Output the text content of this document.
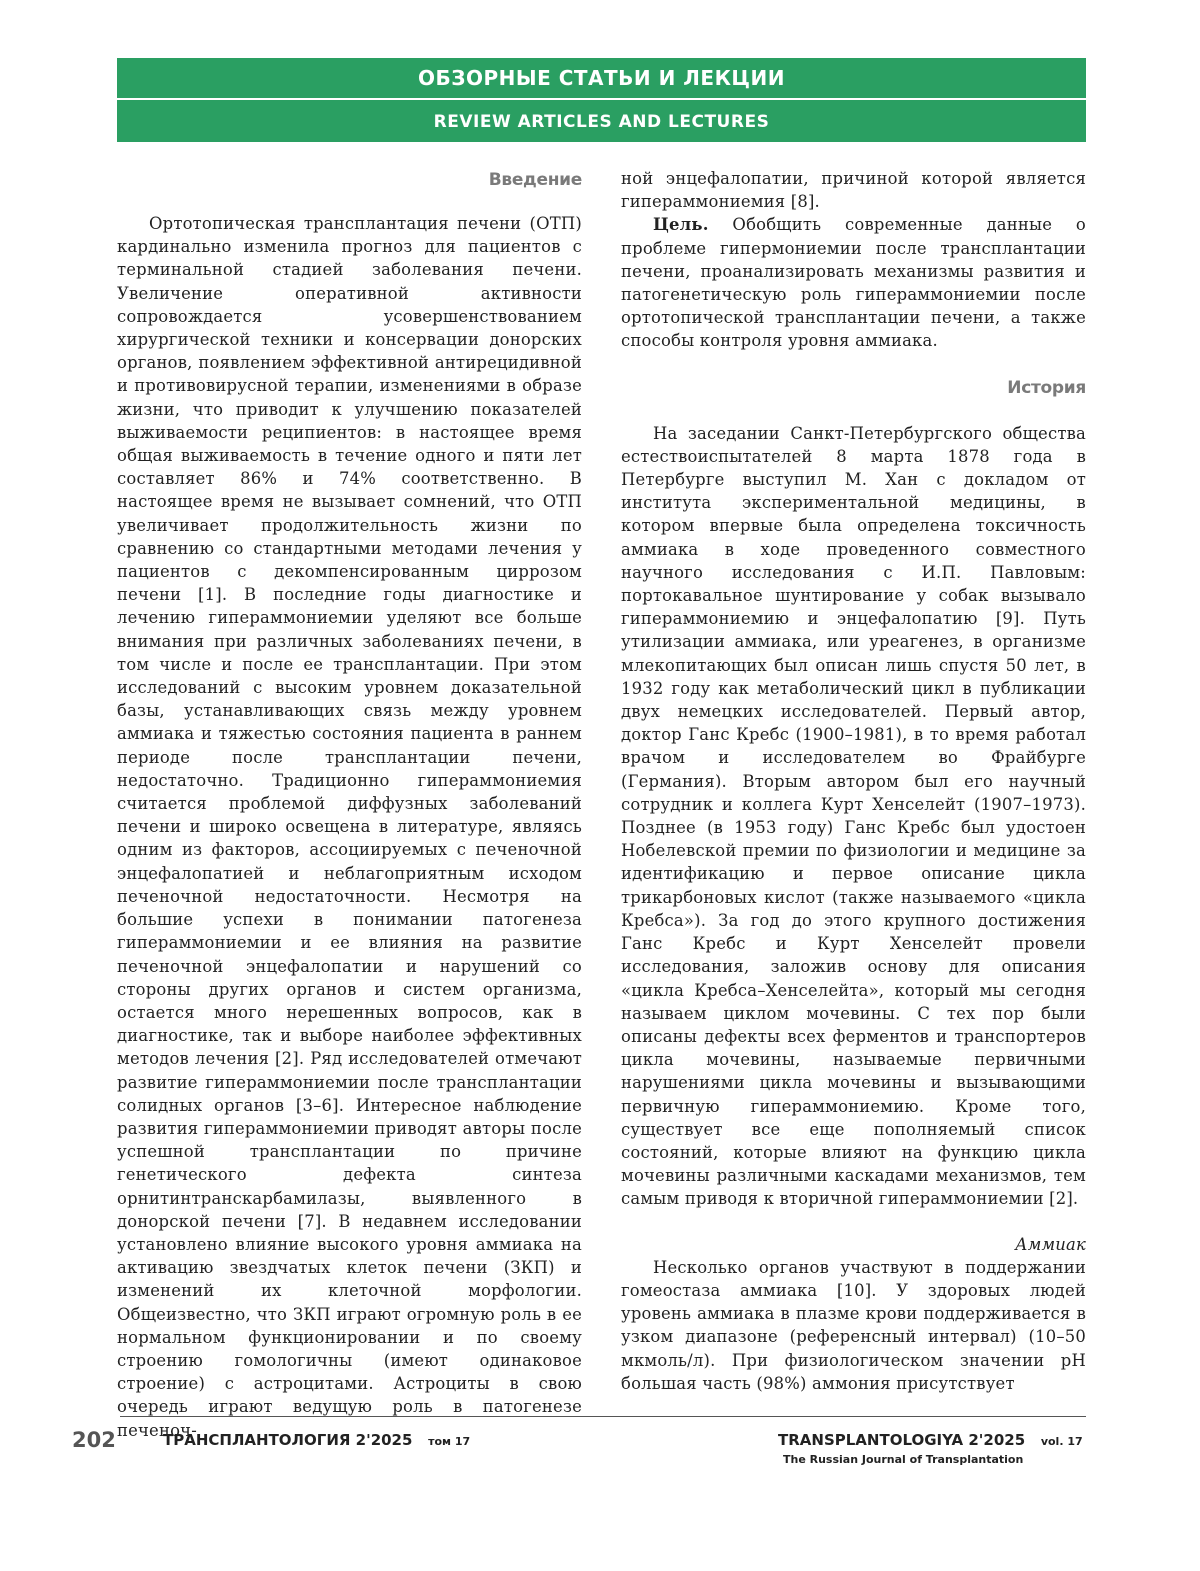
ОБЗОРНЫЕ СТАТЬИ И ЛЕКЦИИ
REVIEW ARTICLES AND LECTURES
Введение

Ортотопическая трансплантация печени (ОТП) кардинально изменила прогноз для пациентов с терминальной стадией заболевания печени. Увеличение оперативной активности сопровождается усовершенствованием хирургической техники и консервации донорских органов, появлением эффективной антирецидивной и противовирусной терапии, изменениями в образе жизни, что приводит к улучшению показателей выживаемости реципиентов: в настоящее время общая выживаемость в течение одного и пяти лет составляет 86% и 74% соответственно. В настоящее время не вызывает сомнений, что ОТП увеличивает продолжительность жизни по сравнению со стандартными методами лечения у пациентов с декомпенсированным циррозом печени [1]. В последние годы диагностике и лечению гипераммониемии уделяют все больше внимания при различных заболеваниях печени, в том числе и после ее трансплантации. При этом исследований с высоким уровнем доказательной базы, устанавливающих связь между уровнем аммиака и тяжестью состояния пациента в раннем периоде после трансплантации печени, недостаточно. Традиционно гипераммониемия считается проблемой диффузных заболеваний печени и широко освещена в литературе, являясь одним из факторов, ассоциируемых с печеночной энцефалопатией и неблагоприятным исходом печеночной недостаточности. Несмотря на большие успехи в понимании патогенеза гипераммониемии и ее влияния на развитие печеночной энцефалопатии и нарушений со стороны других органов и систем организма, остается много нерешенных вопросов, как в диагностике, так и выборе наиболее эффективных методов лечения [2]. Ряд исследователей отмечают развитие гипераммониемии после трансплантации солидных органов [3–6]. Интересное наблюдение развития гипераммониемии приводят авторы после успешной трансплантации по причине генетического дефекта синтеза орнитинтранскарбамилазы, выявленного в донорской печени [7]. В недавнем исследовании установлено влияние высокого уровня аммиака на активацию звездчатых клеток печени (ЗКП) и изменений их клеточной морфологии. Общеизвестно, что ЗКП играют огромную роль в ее нормальном функционировании и по своему строению гомологичны (имеют одинаковое строение) с астроцитами. Астроциты в свою очередь играют ведущую роль в патогенезе печеноч-

ной энцефалопатии, причиной которой является гипераммониемия [8].

Цель. Обобщить современные данные о проблеме гипермониемии после трансплантации печени, проанализировать механизмы развития и патогенетическую роль гипераммониемии после ортотопической трансплантации печени, а также способы контроля уровня аммиака.

История

На заседании Санкт-Петербургского общества естествоиспытателей 8 марта 1878 года в Петербурге выступил М. Хан с докладом от института экспериментальной медицины, в котором впервые была определена токсичность аммиака в ходе проведенного совместного научного исследования с И.П. Павловым: портокавальное шунтирование у собак вызывало гипераммониемию и энцефалопатию [9]. Путь утилизации аммиака, или уреагенез, в организме млекопитающих был описан лишь спустя 50 лет, в 1932 году как метаболический цикл в публикации двух немецких исследователей. Первый автор, доктор Ганс Кребс (1900–1981), в то время работал врачом и исследователем во Фрайбурге (Германия). Вторым автором был его научный сотрудник и коллега Курт Хенселейт (1907–1973). Позднее (в 1953 году) Ганс Кребс был удостоен Нобелевской премии по физиологии и медицине за идентификацию и первое описание цикла трикарбоновых кислот (также называемого «цикла Кребса»). За год до этого крупного достижения Ганс Кребс и Курт Хенселейт провели исследования, заложив основу для описания «цикла Кребса–Хенселейта», который мы сегодня называем циклом мочевины. С тех пор были описаны дефекты всех ферментов и транспортеров цикла мочевины, называемые первичными нарушениями цикла мочевины и вызывающими первичную гипераммониемию. Кроме того, существует все еще пополняемый список состояний, которые влияют на функцию цикла мочевины различными каскадами механизмов, тем самым приводя к вторичной гипераммониемии [2].

Аммиак

Несколько органов участвуют в поддержании гомеостаза аммиака [10]. У здоровых людей уровень аммиака в плазме крови поддерживается в узком диапазоне (референсный интервал) (10–50 мкмоль/л). При физиологическом значении pH большая часть (98%) аммония присутствует

202	ТРАНСПЛАНТОЛОГИЯ 2'2025 том 17	TRANSPLANTOLOGIYA 2'2025 vol. 17
The Russian Journal of Transplantation
